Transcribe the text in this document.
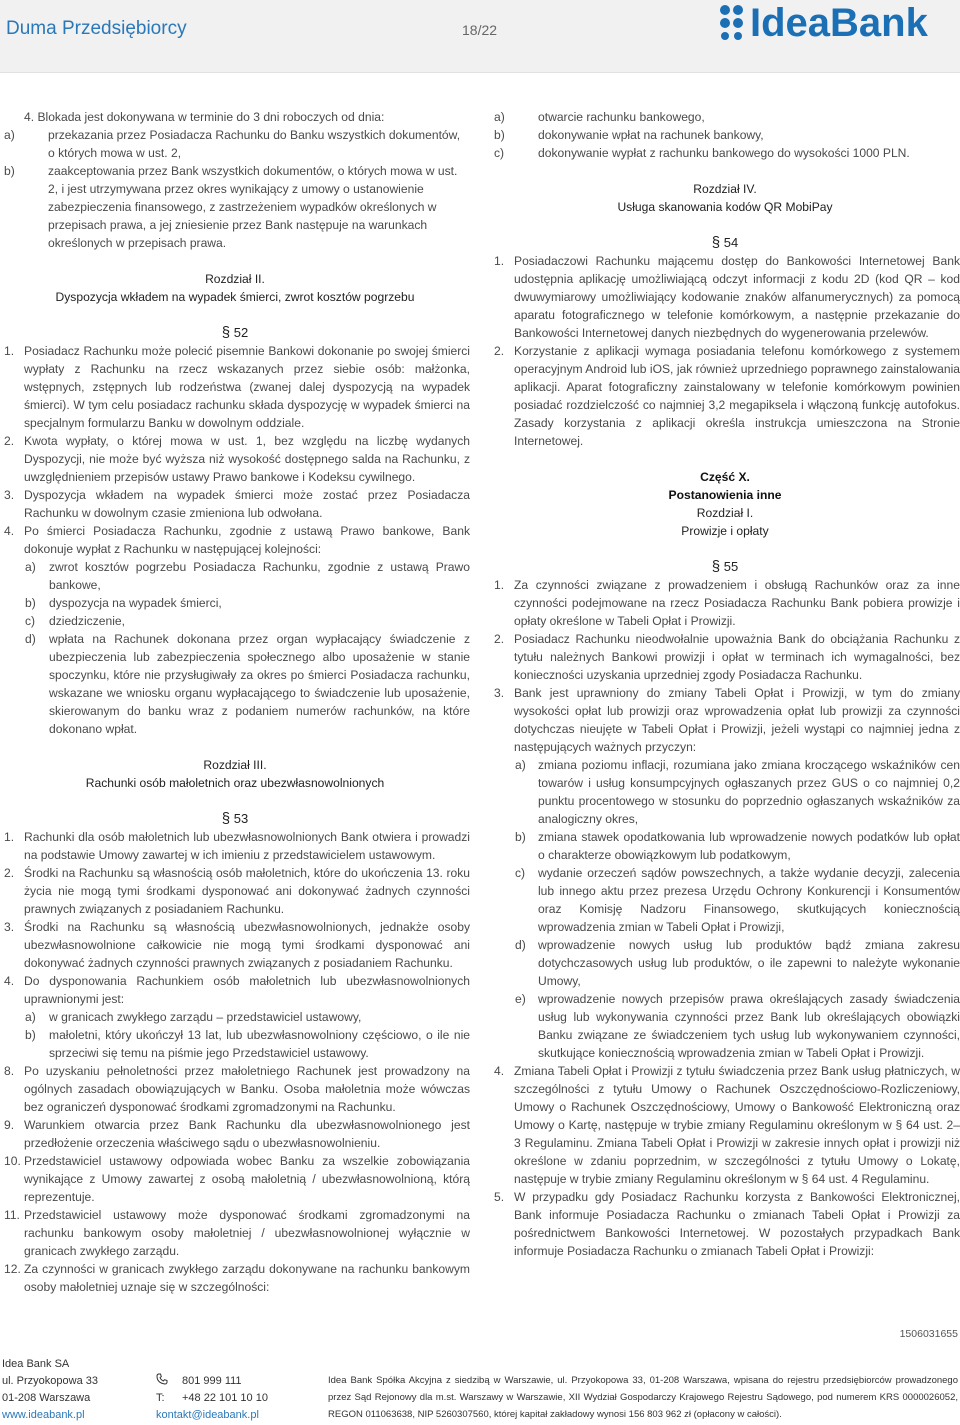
Duma Przedsiębiorcy	18/22	IdeaBank
4. Blokada jest dokonywana w terminie do 3 dni roboczych od dnia:
a)	przekazania przez Posiadacza Rachunku do Banku wszystkich dokumentów, o których mowa w ust. 2,
b)	zaakceptowania przez Bank wszystkich dokumentów, o których mowa w ust. 2, i jest utrzymywana przez okres wynikający z umowy o ustanowienie zabezpieczenia finansowego, z zastrzeżeniem wypadków określonych w przepisach prawa, a jej zniesienie przez Bank następuje na warunkach określonych w przepisach prawa.
Rozdział II.
Dyspozycja wkładem na wypadek śmierci, zwrot kosztów pogrzebu
§ 52
1. Posiadacz Rachunku może polecić pisemnie Bankowi dokonanie po swojej śmierci wypłaty z Rachunku na rzecz wskazanych przez siebie osób: małżonka, wstępnych, zstępnych lub rodzeństwa (zwanej dalej dyspozycją na wypadek śmierci). W tym celu posiadacz rachunku składa dyspozycję w wypadek śmierci na specjalnym formularzu Banku w dowolnym oddziale.
2. Kwota wypłaty, o której mowa w ust. 1, bez względu na liczbę wydanych Dyspozycji, nie może być wyższa niż wysokość dostępnego salda na Rachunku, z uwzględnieniem przepisów ustawy Prawo bankowe i Kodeksu cywilnego.
3. Dyspozycja wkładem na wypadek śmierci może zostać przez Posiadacza Rachunku w dowolnym czasie zmieniona lub odwołana.
4. Po śmierci Posiadacza Rachunku, zgodnie z ustawą Prawo bankowe, Bank dokonuje wypłat z Rachunku w następującej kolejności:
a) zwrot kosztów pogrzebu Posiadacza Rachunku, zgodnie z ustawą Prawo bankowe,
b) dyspozycja na wypadek śmierci,
c) dziedziczenie,
d) wpłata na Rachunek dokonana przez organ wypłacający świadczenie z ubezpieczenia lub zabezpieczenia społecznego albo uposażenie w stanie spoczynku, które nie przysługiwały za okres po śmierci Posiadacza rachunku, wskazane we wniosku organu wypłacającego to świadczenie lub uposażenie, skierowanym do banku wraz z podaniem numerów rachunków, na które dokonano wpłat.
Rozdział III.
Rachunki osób małoletnich oraz ubezwłasnowolnionych
§ 53
1. Rachunki dla osób małoletnich lub ubezwłasnowolnionych Bank otwiera i prowadzi na podstawie Umowy zawartej w ich imieniu z przedstawicielem ustawowym.
2. Środki na Rachunku są własnością osób małoletnich, które do ukończenia 13. roku życia nie mogą tymi środkami dysponować ani dokonywać żadnych czynności prawnych związanych z posiadaniem Rachunku.
3. Środki na Rachunku są własnością ubezwłasnowolnionych, jednakże osoby ubezwłasnowolnione całkowicie nie mogą tymi środkami dysponować ani dokonywać żadnych czynności prawnych związanych z posiadaniem Rachunku.
4. Do dysponowania Rachunkiem osób małoletnich lub ubezwłasnowolnionych uprawnionymi jest:
a) w granicach zwykłego zarządu – przedstawiciel ustawowy,
b) małoletni, który ukończył 13 lat, lub ubezwłasnowolniony częściowo, o ile nie sprzeciwi się temu na piśmie jego Przedstawiciel ustawowy.
8. Po uzyskaniu pełnoletności przez małoletniego Rachunek jest prowadzony na ogólnych zasadach obowiązujących w Banku. Osoba małoletnia może wówczas bez ograniczeń dysponować środkami zgromadzonymi na Rachunku.
9. Warunkiem otwarcia przez Bank Rachunku dla ubezwłasnowolnionego jest przedłożenie orzeczenia właściwego sądu o ubezwłasnowolnieniu.
10. Przedstawiciel ustawowy odpowiada wobec Banku za wszelkie zobowiązania wynikające z Umowy zawartej z osobą małoletnią / ubezwłasnowolnioną, którą reprezentuje.
11. Przedstawiciel ustawowy może dysponować środkami zgromadzonymi na rachunku bankowym osoby małoletniej / ubezwłasnowolnionej wyłącznie w granicach zwykłego zarządu.
12. Za czynności w granicach zwykłego zarządu dokonywane na rachunku bankowym osoby małoletniej uznaje się w szczególności:
a)	otwarcie rachunku bankowego,
b)	dokonywanie wpłat na rachunek bankowy,
c)	dokonywanie wypłat z rachunku bankowego do wysokości 1000 PLN.
Rozdział IV.
Usługa skanowania kodów QR MobiPay
§ 54
1. Posiadaczowi Rachunku mającemu dostęp do Bankowości Internetowej Bank udostępnia aplikację umożliwiającą odczyt informacji z kodu 2D (kod QR – kod dwuwymiarowy umożliwiający kodowanie znaków alfanumerycznych) za pomocą aparatu fotograficznego w telefonie komórkowym, a następnie przekazanie do Bankowości Internetowej danych niezbędnych do wygenerowania przelewów.
2. Korzystanie z aplikacji wymaga posiadania telefonu komórkowego z systemem operacyjnym Android lub iOS, jak również uprzedniego poprawnego zainstalowania aplikacji. Aparat fotograficzny zainstalowany w telefonie komórkowym powinien posiadać rozdzielczość co najmniej 3,2 megapiksela i włączoną funkcję autofokus. Zasady korzystania z aplikacji określa instrukcja umieszczona na Stronie Internetowej.
Część X.
Postanowienia inne
Rozdział I.
Prowizje i opłaty
§ 55
1. Za czynności związane z prowadzeniem i obsługą Rachunków oraz za inne czynności podejmowane na rzecz Posiadacza Rachunku Bank pobiera prowizje i opłaty określone w Tabeli Opłat i Prowizji.
2. Posiadacz Rachunku nieodwołalnie upoważnia Bank do obciążania Rachunku z tytułu należnych Bankowi prowizji i opłat w terminach ich wymagalności, bez konieczności uzyskania uprzedniej zgody Posiadacza Rachunku.
3. Bank jest uprawniony do zmiany Tabeli Opłat i Prowizji, w tym do zmiany wysokości opłat lub prowizji oraz wprowadzenia opłat lub prowizji za czynności dotychczas nieujęte w Tabeli Opłat i Prowizji, jeżeli wystąpi co najmniej jedna z następujących ważnych przyczyn:
a) zmiana poziomu inflacji, rozumiana jako zmiana kroczącego wskaźników cen towarów i usług konsumpcyjnych ogłaszanych przez GUS o co najmniej 0,2 punktu procentowego w stosunku do poprzednio ogłaszanych wskaźników za analogiczny okres,
b) zmiana stawek opodatkowania lub wprowadzenie nowych podatków lub opłat o charakterze obowiązkowym lub podatkowym,
c) wydanie orzeczeń sądów powszechnych, a także wydanie decyzji, zalecenia lub innego aktu przez prezesa Urzędu Ochrony Konkurencji i Konsumentów oraz Komisję Nadzoru Finansowego, skutkujących koniecznością wprowadzenia zmian w Tabeli Opłat i Prowizji,
d) wprowadzenie nowych usług lub produktów bądź zmiana zakresu dotychczasowych usług lub produktów, o ile zapewni to należyte wykonanie Umowy,
e) wprowadzenie nowych przepisów prawa określających zasady świadczenia usług lub wykonywania czynności przez Bank lub określających obowiązki Banku związane ze świadczeniem tych usług lub wykonywaniem czynności, skutkujące koniecznością wprowadzenia zmian w Tabeli Opłat i Prowizji.
4. Zmiana Tabeli Opłat i Prowizji z tytułu świadczenia przez Bank usług płatniczych, w szczególności z tytułu Umowy o Rachunek Oszczędnościowo-Rozliczeniowy, Umowy o Rachunek Oszczędnościowy, Umowy o Bankowość Elektroniczną oraz Umowy o Kartę, następuje w trybie zmiany Regulaminu określonym w § 64 ust. 2–3 Regulaminu. Zmiana Tabeli Opłat i Prowizji w zakresie innych opłat i prowizji niż określone w zdaniu poprzednim, w szczególności z tytułu Umowy o Lokatę, następuje w trybie zmiany Regulaminu określonym w § 64 ust. 4 Regulaminu.
5. W przypadku gdy Posiadacz Rachunku korzysta z Bankowości Elektronicznej, Bank informuje Posiadacza Rachunku o zmianach Tabeli Opłat i Prowizji za pośrednictwem Bankowości Internetowej. W pozostałych przypadkach Bank informuje Posiadacza Rachunku o zmianach Tabeli Opłat i Prowizji:
1506031655
Idea Bank SA
ul. Przyokopowa 33
01-208 Warszawa
www.ideabank.pl
801 999 111
T: +48 22 101 10 10
kontakt@ideabank.pl
Idea Bank Spółka Akcyjna z siedzibą w Warszawie, ul. Przyokopowa 33, 01-208 Warszawa, wpisana do rejestru przedsiębiorców prowadzonego przez Sąd Rejonowy dla m.st. Warszawy w Warszawie, XII Wydział Gospodarczy Krajowego Rejestru Sądowego, pod numerem KRS 0000026052, REGON 011063638, NIP 5260307560, której kapitał zakładowy wynosi 156 803 962 zł (opłacony w całości).
